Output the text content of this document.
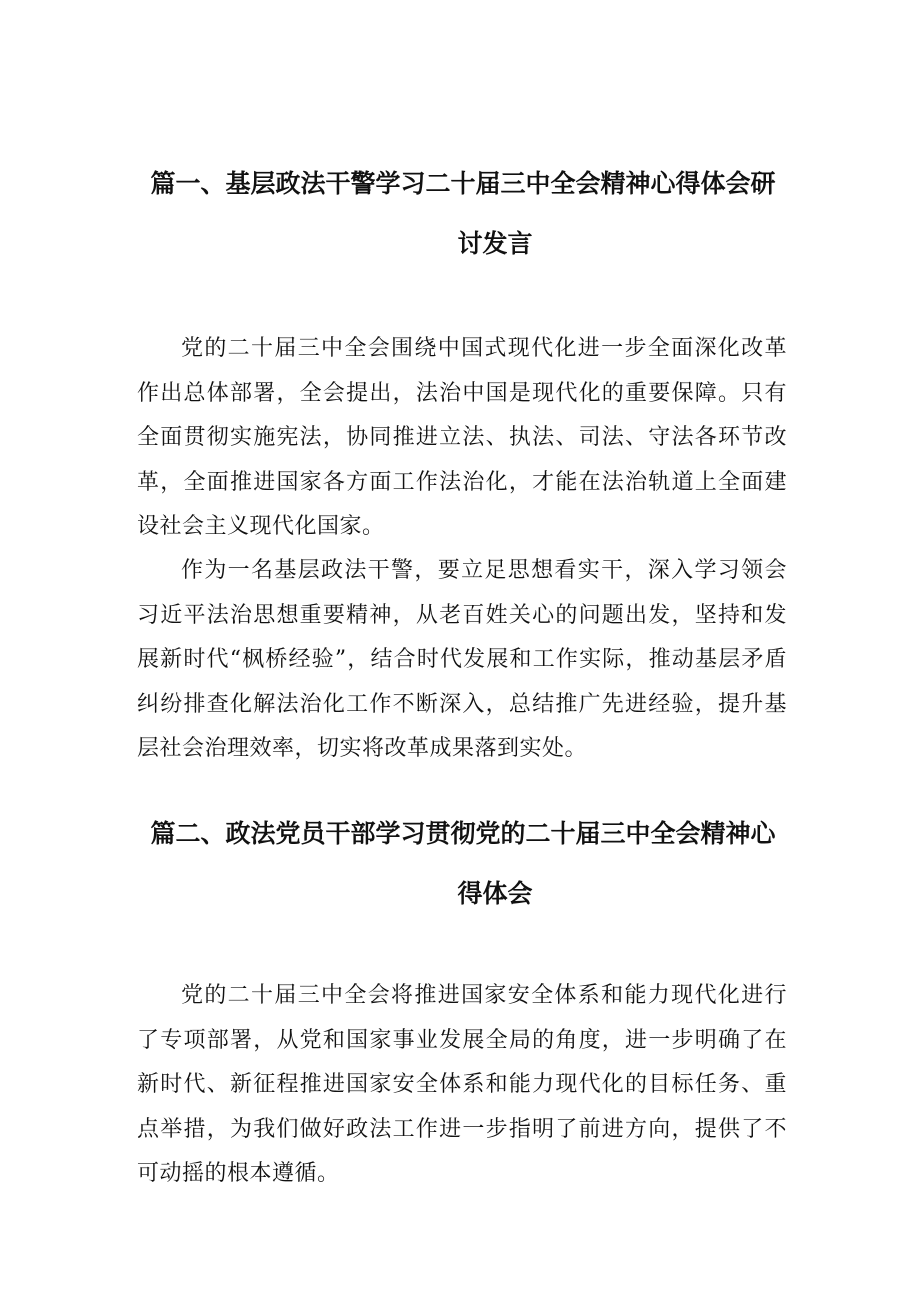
篇一、基层政法干警学习二十届三中全会精神心得体会研
讨发言

党的二十届三中全会围绕中国式现代化进一步全面深化改革作出总体部署，全会提出，法治中国是现代化的重要保障。只有全面贯彻实施宪法，协同推进立法、执法、司法、守法各环节改革，全面推进国家各方面工作法治化，才能在法治轨道上全面建设社会主义现代化国家。

作为一名基层政法干警，要立足思想看实干，深入学习领会习近平法治思想重要精神，从老百姓关心的问题出发，坚持和发展新时代“枫桥经验”，结合时代发展和工作实际，推动基层矛盾纠纷排查化解法治化工作不断深入，总结推广先进经验，提升基层社会治理效率，切实将改革成果落到实处。

篇二、政法党员干部学习贯彻党的二十届三中全会精神心
得体会

党的二十届三中全会将推进国家安全体系和能力现代化进行了专项部署，从党和国家事业发展全局的角度，进一步明确了在新时代、新征程推进国家安全体系和能力现代化的目标任务、重点举措，为我们做好政法工作进一步指明了前进方向，提供了不可动摇的根本遵循。
